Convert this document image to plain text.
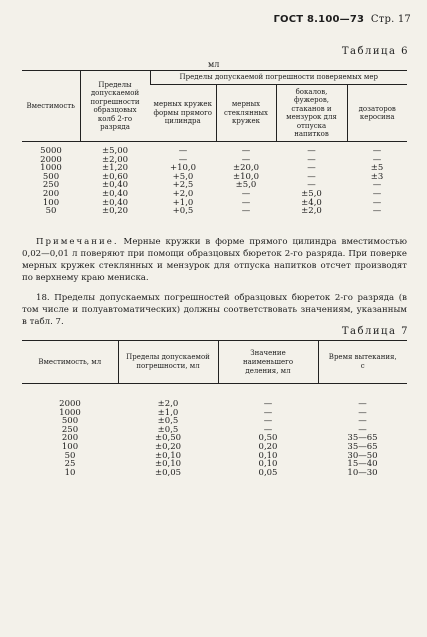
ГОСТ 8.100—73 Стр. 17
Таблица 6
мл
Вместимость	Пределы допускаемой погрешности образцовых колб 2-го разряда	Пределы допускаемой погрешности поверяемых мер			
		мерных кружек формы прямого цилиндра	мерных стеклянных кружек	бокалов, фужеров, стаканов и мензурок для отпуска напитков	дозаторов керосина
5000	±5,00	—	—	—	—
2000	±2,00	—	—	—	—
1000	±1,20	+10,0	±20,0	—	±5
500	±0,60	+5,0	±10,0	—	±3
250	±0,40	+2,5	±5,0	—	—
200	±0,40	+2,0	—	±5,0	—
100	±0,40	+1,0	—	±4,0	—
50	±0,20	+0,5	—	±2,0	—
Примечание. Мерные кружки в форме прямого цилиндра вместимостью 0,02—0,01 л поверяют при помощи образцовых бюреток 2-го разряда. При поверке мерных кружек стеклянных и мензурок для отпуска напитков отсчет производят по верхнему краю мениска.

18. Пределы допускаемых погрешностей образцовых бюреток 2-го разряда (в том числе и полуавтоматических) должны соответствовать значениям, указанным в табл. 7.

Таблица 7
Вместимость, мл	Пределы допускаемой погрешности, мл	Значение наименьшего деления, мл	Время вытекания, с
2000	±2,0	—	—
1000	±1,0	—	—
500	±0,5	—	—
250	±0,5	—	—
200	±0,50	0,50	35—65
100	±0,20	0,20	35—65
50	±0,10	0,10	30—50
25	±0,10	0,10	15—40
10	±0,05	0,05	10—30
